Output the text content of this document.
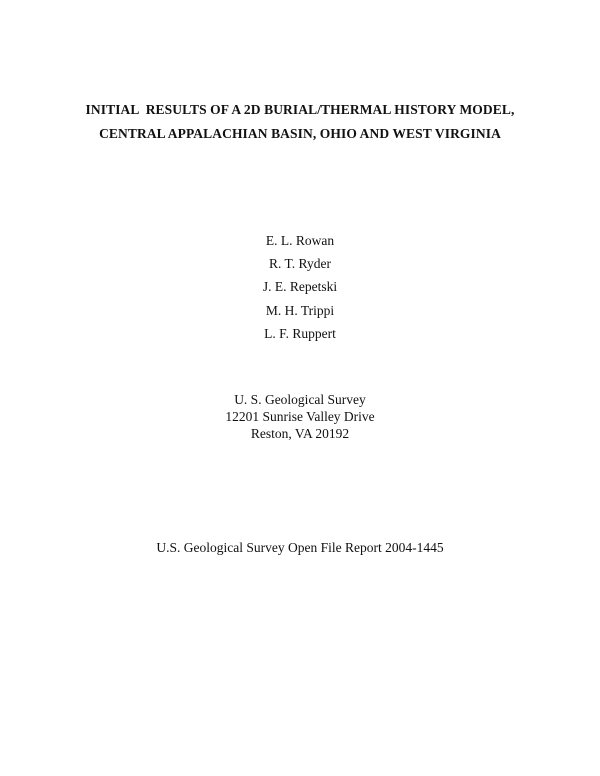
INITIAL  RESULTS OF A 2D BURIAL/THERMAL HISTORY MODEL,
CENTRAL APPALACHIAN BASIN, OHIO AND WEST VIRGINIA
E. L. Rowan
R. T. Ryder
J. E. Repetski
M. H. Trippi
L. F. Ruppert
U. S. Geological Survey
12201 Sunrise Valley Drive
Reston, VA 20192
U.S. Geological Survey Open File Report 2004-1445
